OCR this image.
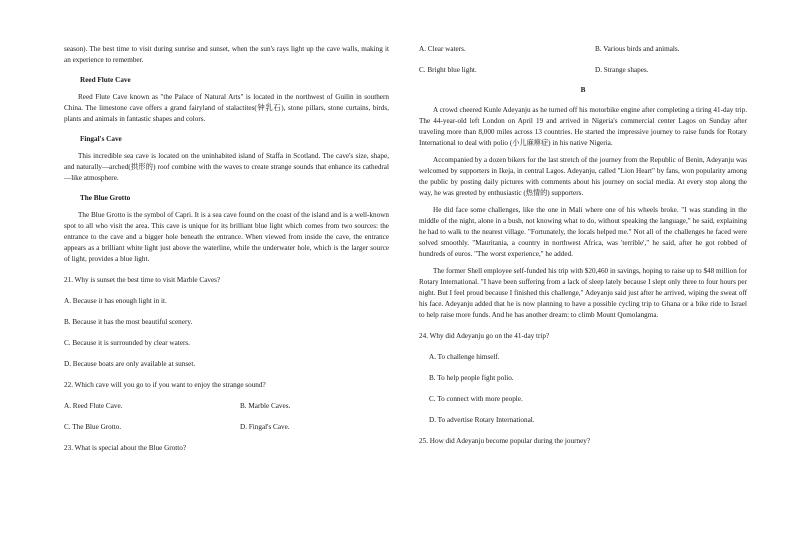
season). The best time to visit during sunrise and sunset, when the sun's rays light up the cave walls, making it an experience to remember.

Reed Flute Cave

Reed Flute Cave known as "the Palace of Natural Arts" is located in the northwest of Guilin in southern China. The limestone cave offers a grand fairyland of stalactites(钟乳石), stone pillars, stone curtains, birds, plants and animals in fantastic shapes and colors.

Fingal's Cave

This incredible sea cave is located on the uninhabited island of Staffa in Scotland. The cave's size, shape, and naturally—arched(拱形的) roof combine with the waves to create strange sounds that enhance its cathedral—like atmosphere.

The Blue Grotto

The Blue Grotto is the symbol of Capri. It is a sea cave found on the coast of the island and is a well-known spot to all who visit the area. This cave is unique for its brilliant blue light which comes from two sources: the entrance to the cave and a bigger hole beneath the entrance. When viewed from inside the cave, the entrance appears as a brilliant white light just above the waterline, while the underwater hole, which is the larger source of light, provides a blue light.

21. Why is sunset the best time to visit Marble Caves?

A. Because it has enough light in it.

B. Because it has the most beautiful scenery.

C. Because it is surrounded by clear waters.

D. Because boats are only available at sunset.

22. Which cave will you go to if you want to enjoy the strange sound?

A. Reed Flute Cave.	B. Marble Caves.
C. The Blue Grotto.	D. Fingal's Cave.

23. What is special about the Blue Grotto?

A. Clear waters.	B. Various birds and animals.
C. Bright blue light.	D. Strange shapes.

B

A crowd cheered Kunle Adeyanju as he turned off his motorbike engine after completing a tiring 41-day trip. The 44-year-old left London on April 19 and arrived in Nigeria's commercial center Lagos on Sunday after traveling more than 8,000 miles across 13 countries. He started the impressive journey to raise funds for Rotary International to deal with polio (小儿麻痹症) in his native Nigeria.

Accompanied by a dozen bikers for the last stretch of the journey from the Republic of Benin, Adeyanju was welcomed by supporters in Ikeja, in central Lagos. Adeyanju, called "Lion Heart" by fans, won popularity among the public by posting daily pictures with comments about his journey on social media. At every stop along the way, he was greeted by enthusiastic (热情的) supporters.

He did face some challenges, like the one in Mali where one of his wheels broke. "I was standing in the middle of the night, alone in a bush, not knowing what to do, without speaking the language," he said, explaining he had to walk to the nearest village. "Fortunately, the locals helped me." Not all of the challenges he faced were solved smoothly. "Mauritania, a country in northwest Africa, was 'terrible'," he said, after he got robbed of hundreds of euros. "The worst experience," he added.

The former Shell employee self-funded his trip with $20,460 in savings, hoping to raise up to $48 million for Rotary International. "I have been suffering from a lack of sleep lately because I slept only three to four hours per night. But I feel proud because I finished this challenge," Adeyanju said just after he arrived, wiping the sweat off his face. Adeyanju added that he is now planning to have a possible cycling trip to Ghana or a bike ride to Israel to help raise more funds. And he has another dream: to climb Mount Qomolangma.

24. Why did Adeyanju go on the 41-day trip?

A. To challenge himself.

B. To help people fight polio.

C. To connect with more people.

D. To advertise Rotary International.

25. How did Adeyanju become popular during the journey?
